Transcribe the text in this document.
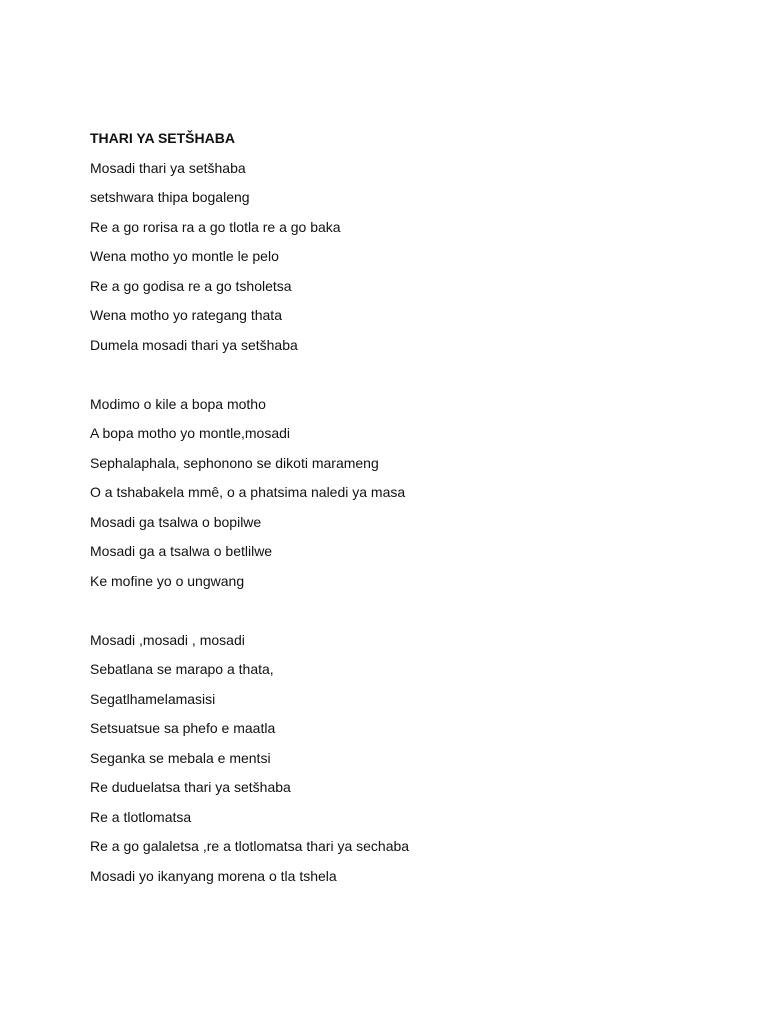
THARI YA SETŠHABA
Mosadi thari ya setšhaba
setshwara thipa bogaleng
Re a go rorisa ra a go tlotla re a go baka
Wena motho yo montle le pelo
Re a go godisa re a go tsholetsa
Wena motho yo rategang thata
Dumela mosadi thari ya setšhaba
Modimo o kile a bopa motho
A bopa motho yo montle,mosadi
Sephalaphala, sephonono se dikoti marameng
O a tshabakela mmê, o a phatsima naledi ya masa
Mosadi ga tsalwa o bopilwe
Mosadi ga a tsalwa o betlilwe
Ke mofine yo o ungwang
Mosadi ,mosadi , mosadi
Sebatlana se marapo a thata,
Segatlhamelamasisi
Setsuatsue sa phefo e maatla
Seganka se mebala e mentsi
Re duduelatsa thari ya setšhaba
Re a tlotlomatsa
Re a go galaletsa ,re a tlotlomatsa thari ya sechaba
Mosadi yo ikanyang morena o tla tshela
